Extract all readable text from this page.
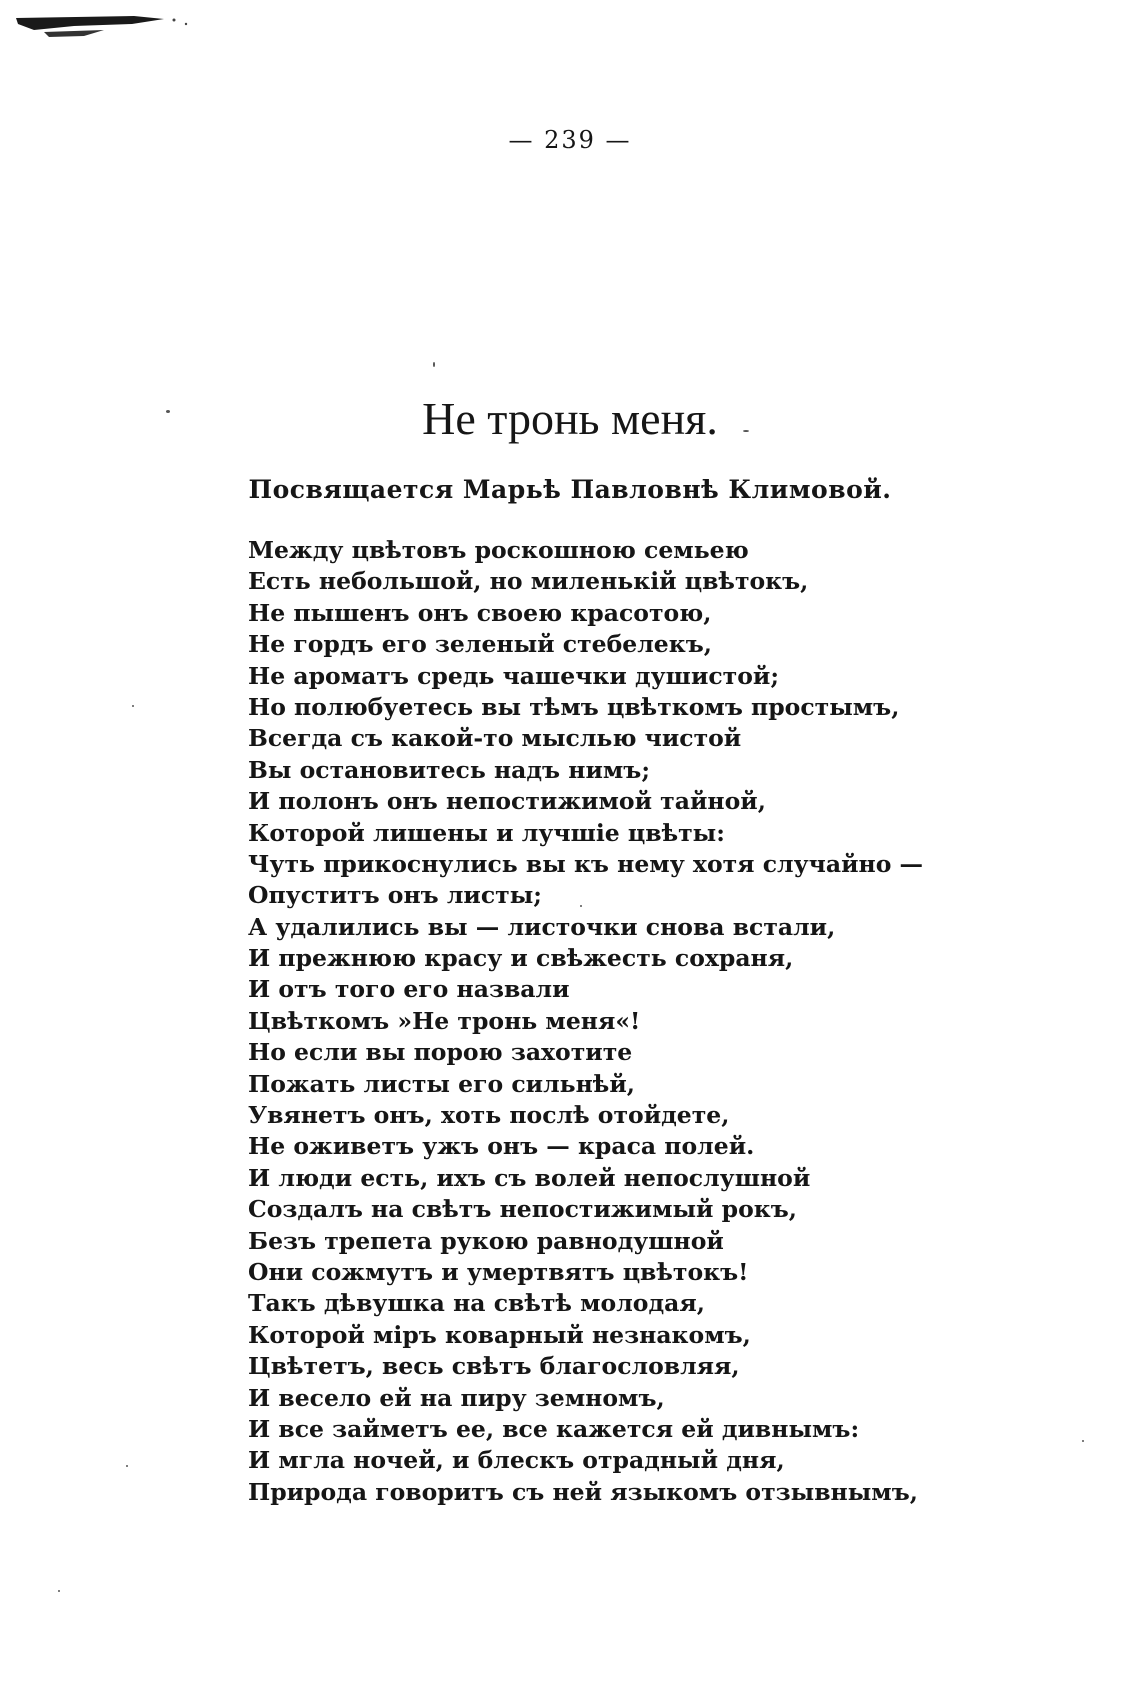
— 239 —
Не тронь меня.
Посвящается Марьѣ Павловнѣ Климовой.
Между цвѣтовъ роскошною семьею
Есть небольшой, но миленькій цвѣтокъ,
Не пышенъ онъ своею красотою,
Не гордъ его зеленый стебелекъ,
Не ароматъ средь чашечки душистой;
Но полюбуетесь вы тѣмъ цвѣткомъ простымъ,
Всегда съ какой-то мыслью чистой
Вы остановитесь надъ нимъ;
И полонъ онъ непостижимой тайной,
Которой лишены и лучшіе цвѣты:
Чуть прикоснулись вы къ нему хотя случайно —
Опуститъ онъ листы;
А удалились вы — листочки снова встали,
И прежнюю красу и свѣжесть сохраня,
И отъ того его назвали
Цвѣткомъ »Не тронь меня«!
Но если вы порою захотите
Пожать листы его сильнѣй,
Увянетъ онъ, хоть послѣ отойдете,
Не оживетъ ужъ онъ — краса полей.
И люди есть, ихъ съ волей непослушной
Создалъ на свѣтъ непостижимый рокъ,
Безъ трепета рукою равнодушной
Они сожмутъ и умертвятъ цвѣтокъ!
Такъ дѣвушка на свѣтѣ молодая,
Которой міръ коварный незнакомъ,
Цвѣтетъ, весь свѣтъ благословляя,
И весело ей на пиру земномъ,
И все займетъ ее, все кажется ей дивнымъ:
И мгла ночей, и блескъ отрадный дня,
Природа говоритъ съ ней языкомъ отзывнымъ,
